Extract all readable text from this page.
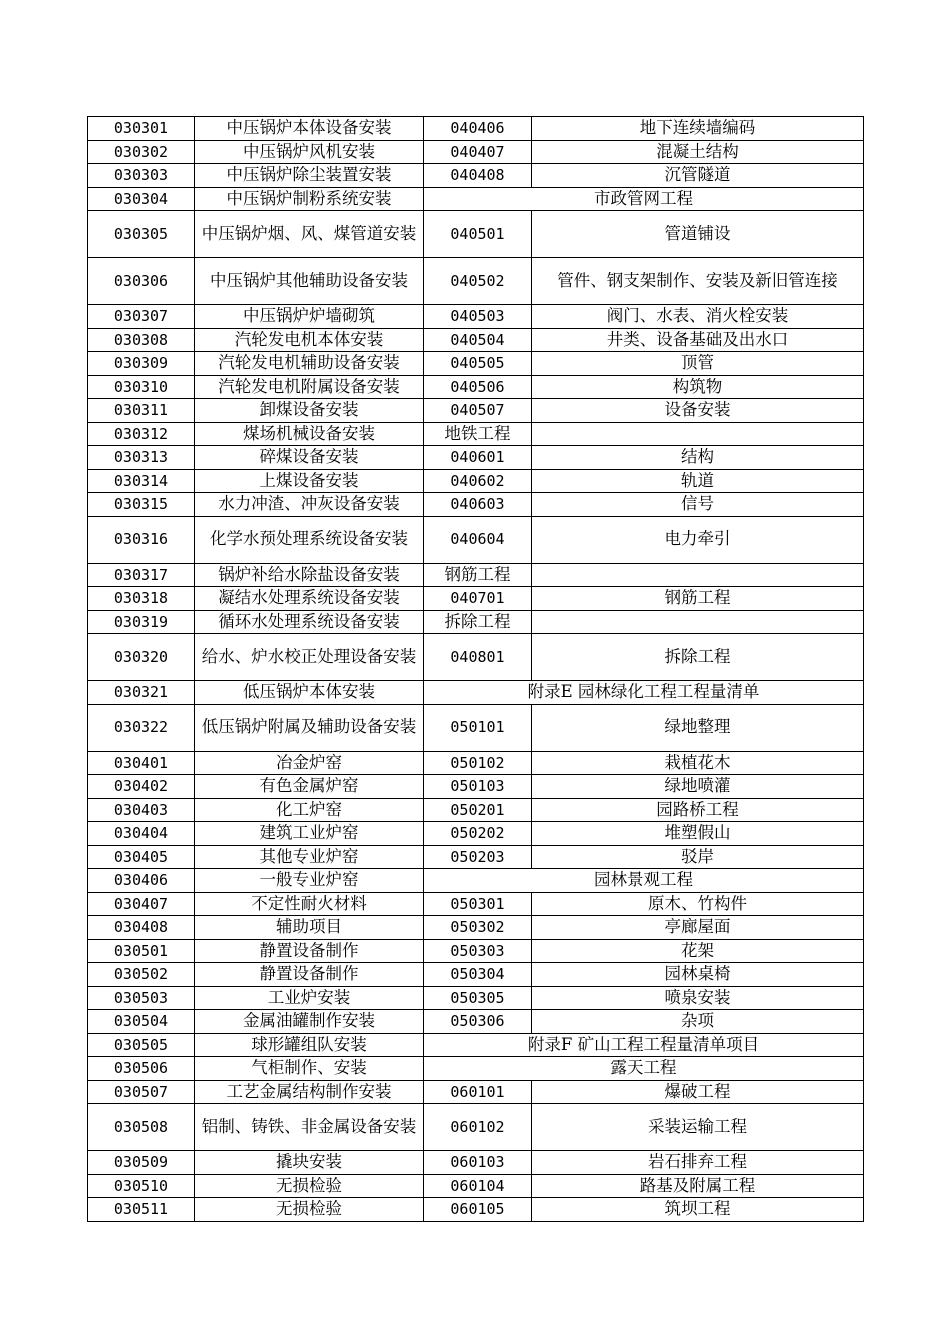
030301	中压锅炉本体设备安装	040406	地下连续墙编码
030302	中压锅炉风机安装	040407	混凝土结构
030303	中压锅炉除尘装置安装	040408	沉管隧道
030304	中压锅炉制粉系统安装	市政管网工程	
030305	中压锅炉烟、风、煤管道安装	040501	管道铺设
030306	中压锅炉其他辅助设备安装	040502	管件、钢支架制作、安装及新旧管连接
030307	中压锅炉炉墙砌筑	040503	阀门、水表、消火栓安装
030308	汽轮发电机本体安装	040504	井类、设备基础及出水口
030309	汽轮发电机辅助设备安装	040505	顶管
030310	汽轮发电机附属设备安装	040506	构筑物
030311	卸煤设备安装	040507	设备安装
030312	煤场机械设备安装	地铁工程	
030313	碎煤设备安装	040601	结构
030314	上煤设备安装	040602	轨道
030315	水力冲渣、冲灰设备安装	040603	信号
030316	化学水预处理系统设备安装	040604	电力牵引
030317	锅炉补给水除盐设备安装	钢筋工程	
030318	凝结水处理系统设备安装	040701	钢筋工程
030319	循环水处理系统设备安装	拆除工程	
030320	给水、炉水校正处理设备安装	040801	拆除工程
030321	低压锅炉本体安装	附录E 园林绿化工程工程量清单	
030322	低压锅炉附属及辅助设备安装	050101	绿地整理
030401	冶金炉窑	050102	栽植花木
030402	有色金属炉窑	050103	绿地喷灌
030403	化工炉窑	050201	园路桥工程
030404	建筑工业炉窑	050202	堆塑假山
030405	其他专业炉窑	050203	驳岸
030406	一般专业炉窑	园林景观工程	
030407	不定性耐火材料	050301	原木、竹构件
030408	辅助项目	050302	亭廊屋面
030501	静置设备制作	050303	花架
030502	静置设备制作	050304	园林桌椅
030503	工业炉安装	050305	喷泉安装
030504	金属油罐制作安装	050306	杂项
030505	球形罐组队安装	附录F 矿山工程工程量清单项目	
030506	气柜制作、安装	露天工程	
030507	工艺金属结构制作安装	060101	爆破工程
030508	铝制、铸铁、非金属设备安装	060102	采装运输工程
030509	撬块安装	060103	岩石排弃工程
030510	无损检验	060104	路基及附属工程
030511	无损检验	060105	筑坝工程
